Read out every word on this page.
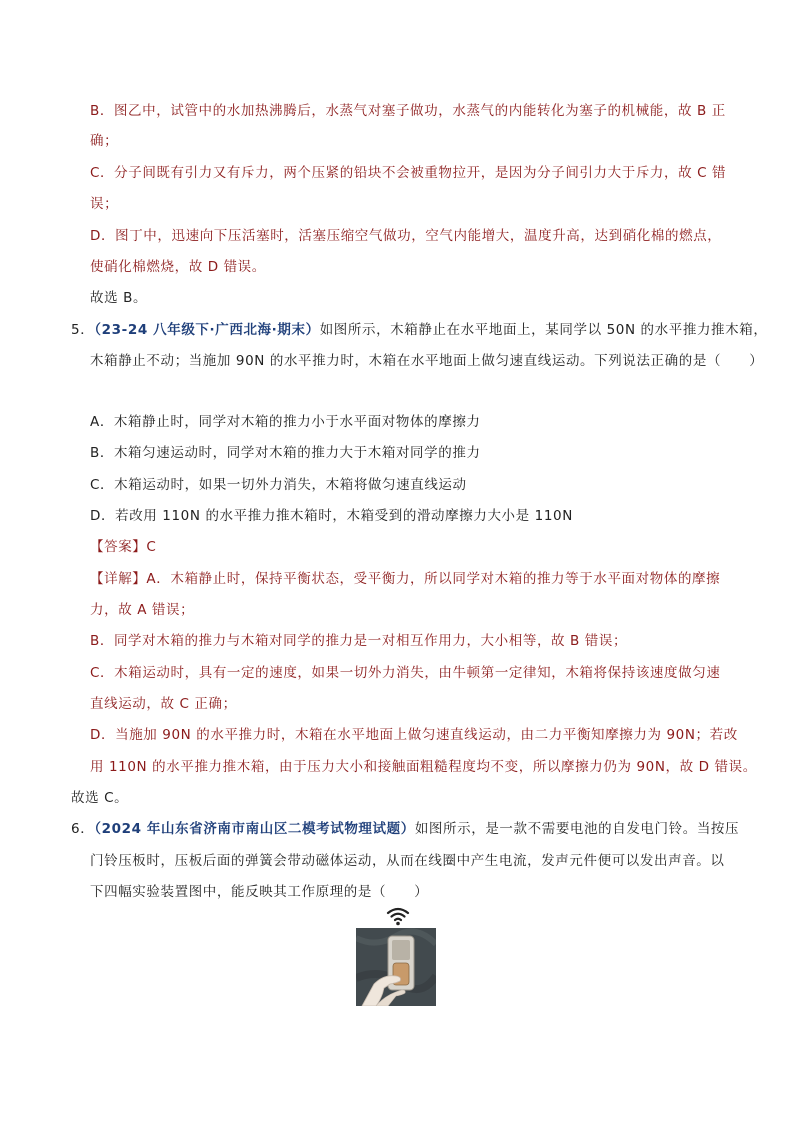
B．图乙中，试管中的水加热沸腾后，水蒸气对塞子做功，水蒸气的内能转化为塞子的机械能，故 B 正
确；
C．分子间既有引力又有斥力，两个压紧的铅块不会被重物拉开，是因为分子间引力大于斥力，故 C 错
误；
D．图丁中，迅速向下压活塞时，活塞压缩空气做功，空气内能增大，温度升高，达到硝化棉的燃点，
使硝化棉燃烧，故 D 错误。
故选 B。
5．（23-24 八年级下·广西北海·期末）如图所示，木箱静止在水平地面上，某同学以 50N 的水平推力推木箱，
木箱静止不动；当施加 90N 的水平推力时，木箱在水平地面上做匀速直线运动。下列说法正确的是（　　）
A．木箱静止时，同学对木箱的推力小于水平面对物体的摩擦力
B．木箱匀速运动时，同学对木箱的推力大于木箱对同学的推力
C．木箱运动时，如果一切外力消失，木箱将做匀速直线运动
D．若改用 110N 的水平推力推木箱时，木箱受到的滑动摩擦力大小是 110N
【答案】C
【详解】A．木箱静止时，保持平衡状态，受平衡力，所以同学对木箱的推力等于水平面对物体的摩擦
力，故 A 错误；
B．同学对木箱的推力与木箱对同学的推力是一对相互作用力，大小相等，故 B 错误；
C．木箱运动时，具有一定的速度，如果一切外力消失，由牛顿第一定律知，木箱将保持该速度做匀速
直线运动，故 C 正确；
D．当施加 90N 的水平推力时，木箱在水平地面上做匀速直线运动，由二力平衡知摩擦力为 90N；若改
用 110N 的水平推力推木箱，由于压力大小和接触面粗糙程度均不变，所以摩擦力仍为 90N，故 D 错误。
故选 C。
6．（2024 年山东省济南市南山区二模考试物理试题）如图所示，是一款不需要电池的自发电门铃。当按压
门铃压板时，压板后面的弹簧会带动磁体运动，从而在线圈中产生电流，发声元件便可以发出声音。以
下四幅实验装置图中，能反映其工作原理的是（　　）
